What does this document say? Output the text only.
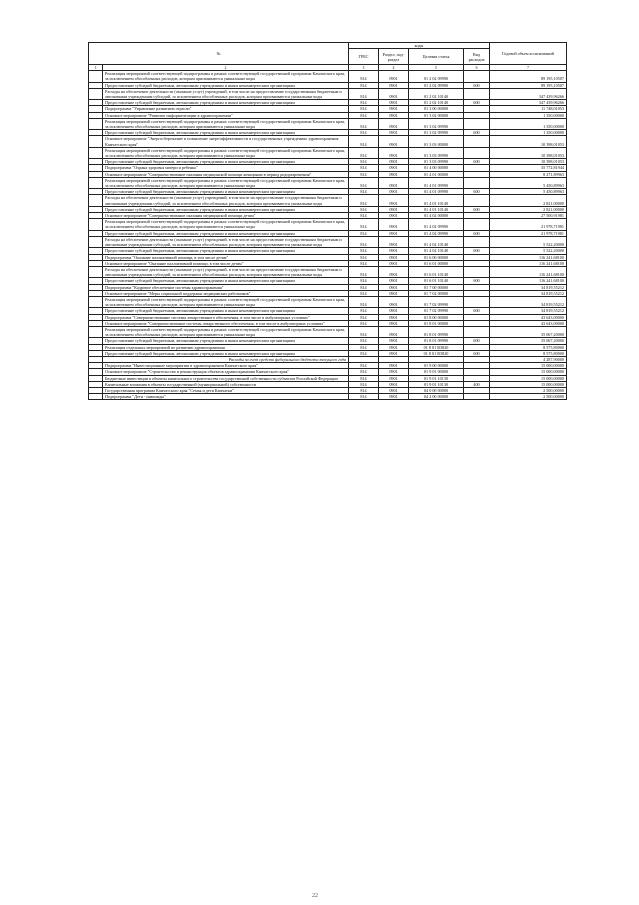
№		коды				Годовой объем ассигнований
		ГРБС	Раздел, под-раздел	Целевая статья	Вид расходов	
1	2	3	4	5	6	7
	Реализация мероприятий соответствующей подпрограммы в рамках соответствующей государственной программы Камчатского края, за исключением обособленных расходов, которым присваиваются уникальные коды	814	0901	01 2 02 09990		89 195,10507
	Предоставление субсидий бюджетным, автономным учреждениям и иным некоммерческим организациям	814	0901	01 2 02 09990	600	89 195,10507
	Расходы на обеспечение деятельности (оказание услуг) учреждений, в том числе на предоставление государственным бюджетным и автономным учреждениям субсидий, за исключением обособленных расходов, которым присваиваются уникальные коды	814	0901	01 2 02 10140		347 439,96266
	Предоставление субсидий бюджетным, автономным учреждениям и иным некоммерческим организациям	814	0901	01 2 02 10140	600	347 439,96266
	Подпрограмма "Управление развитием отрасли"	814	0901	01 3 00 00000		11 748,01053
	Основное мероприятие "Развитие информатизации в здравоохранении"	814	0901	01 3 02 00000		1 350,00000
	Реализация мероприятий соответствующей подпрограммы в рамках соответствующей государственной программы Камчатского края, за исключением обособленных расходов, которым присваиваются уникальные коды	814	0901	01 3 02 09990		1 350,00000
	Предоставление субсидий бюджетным, автономным учреждениям и иным некоммерческим организациям	814	0901	01 3 02 09990	600	1 350,00000
	Основное мероприятие "Энергосбережение и повышение энергоэффективности в государственных учреждениях здравоохранения Камчатского края"	814	0901	01 3 03 00000		10 398,01053
	Реализация мероприятий соответствующей подпрограммы в рамках соответствующей государственной программы Камчатского края, за исключением обособленных расходов, которым присваиваются уникальные коды	814	0901	01 3 03 09990		10 398,01053
	Предоставление субсидий бюджетным, автономным учреждениям и иным некоммерческим организациям	814	0901	01 3 03 09990	600	10 398,01053
	Подпрограмма "Охрана здоровья матери и ребенка"	814	0901	01 4 00 00000		35 772,81944
	Основное мероприятие "Совершенствование оказания медицинской помощи женщинам в период родоразрешения"	814	0901	01 4 01 00000		8 271,89963
	Реализация мероприятий соответствующей подпрограммы в рамках соответствующей государственной программы Камчатского края, за исключением обособленных расходов, которым присваиваются уникальные коды	814	0901	01 4 01 09990		5 450,89963
	Предоставление субсидий бюджетным, автономным учреждениям и иным некоммерческим организациям	814	0901	01 4 01 09990	600	5 450,89963
	Расходы на обеспечение деятельности (оказание услуг) учреждений, в том числе на предоставление государственным бюджетным и автономным учреждениям субсидий, за исключением обособленных расходов, которым присваиваются уникальные коды	814	0901	01 4 01 10140		2 821,00000
	Предоставление субсидий бюджетным, автономным учреждениям и иным некоммерческим организациям	814	0901	01 4 01 10140	600	2 821,00000
	Основное мероприятие "Совершенствование оказания медицинской помощи детям"	814	0901	01 4 02 00000		27 500,91981
	Реализация мероприятий соответствующей подпрограммы в рамках соответствующей государственной программы Камчатского края, за исключением обособленных расходов, которым присваиваются уникальные коды	814	0901	01 4 02 09990		21 978,71981
	Предоставление субсидий бюджетным, автономным учреждениям и иным некоммерческим организациям	814	0901	01 4 02 09990	600	21 978,71981
	Расходы на обеспечение деятельности (оказание услуг) учреждений, в том числе на предоставление государственным бюджетным и автономным учреждениям субсидий, за исключением обособленных расходов, которым присваиваются уникальные коды	814	0901	01 4 02 10140		5 522,20000
	Предоставление субсидий бюджетным, автономным учреждениям и иным некоммерческим организациям	814	0901	01 4 02 10140	600	5 522,20000
	Подпрограмма "Оказание паллиативной помощи, в том числе детям"	814	0901	01 6 00 00000		116 241,68100
	Основное мероприятие "Оказание паллиативной помощи, в том числе детям"	814	0901	01 6 01 00000		116 241,68100
	Расходы на обеспечение деятельности (оказание услуг) учреждений, в том числе на предоставление государственным бюджетным и автономным учреждениям субсидий, за исключением обособленных расходов, которым присваиваются уникальные коды	814	0901	01 6 01 10140		116 241,68100
	Предоставление субсидий бюджетным, автономным учреждениям и иным некоммерческим организациям	814	0901	01 6 01 10140	600	116 241,68100
	Подпрограмма "Кадровое обеспечение системы здравоохранения"	814	0901	01 7 00 00000		34 819,55212
	Основное мероприятие "Меры социальной поддержки медицинских работников"	814	0901	01 7 02 00000		34 819,55212
	Реализация мероприятий соответствующей подпрограммы в рамках соответствующей государственной программы Камчатского края, за исключением обособленных расходов, которым присваиваются уникальные коды	814	0901	01 7 02 09990		34 819,55212
	Предоставление субсидий бюджетным, автономным учреждениям и иным некоммерческим организациям	814	0901	01 7 02 09990	600	34 819,55212
	Подпрограмма "Совершенствование системы лекарственного обеспечения, в том числе в амбулаторных условиях"	814	0901	01 8 00 00000		43 643,00000
	Основное мероприятие "Совершенствование системы лекарственного обеспечения, в том числе в амбулаторных условиях"	814	0901	01 8 01 00000		43 643,00000
	Реализация мероприятий соответствующей подпрограммы в рамках соответствующей государственной программы Камчатского края, за исключением обособленных расходов, которым присваиваются уникальные коды	814	0901	01 8 01 09990		35 067,20000
	Предоставление субсидий бюджетным, автономным учреждениям и иным некоммерческим организациям	814	0901	01 8 01 09990	600	35 067,20000
	Реализация отдельных мероприятий по развитию здравоохранения	814	0901	01 8 01 R3820		8 575,80000
	Предоставление субсидий бюджетным, автономным учреждениям и иным некоммерческим организациям	814	0901	01 8 01 R3820	600	8 575,80000
	Расходы за счет средств федерального бюджета текущего года					4 287,90000
	Подпрограмма "Инвестиционные мероприятия в здравоохранении Камчатского края"	814	0901	01 9 00 00000		15 000,00000
	Основное мероприятие "Строительство и реконструкция объектов здравоохранения Камчатского края"	814	0901	01 9 01 00000		15 000,00000
	Бюджетные инвестиции в объекты капитального строительства государственной собственности субъектов Российской Федерации	814	0901	01 9 01 10130		15 000,00000
	Капитальные вложения в объекты государственной (муниципальной) собственности	814	0901	01 9 01 10130	400	15 000,00000
	Государственная программа Камчатского края "Семья и дети Камчатки"	814	0901	04 0 00 00000		2 500,00000
	Подпрограмма "Дети - инвалиды"	814	0901	04 2 00 00000		2 500,00000
22
